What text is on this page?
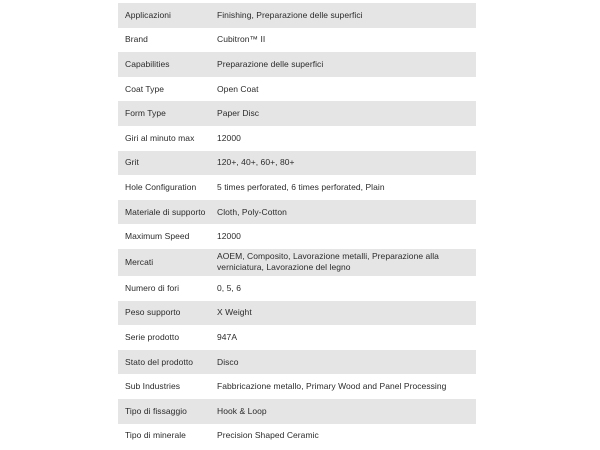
Applicazioni	Finishing, Preparazione delle superfici
Brand	Cubitron™ II
Capabilities	Preparazione delle superfici
Coat Type	Open Coat
Form Type	Paper Disc
Giri al minuto max	12000
Grit	120+, 40+, 60+, 80+
Hole Configuration	5 times perforated, 6 times perforated, Plain
Materiale di supporto	Cloth, Poly-Cotton
Maximum Speed	12000
Mercati	AOEM, Composito, Lavorazione metalli, Preparazione alla verniciatura, Lavorazione del legno
Numero di fori	0, 5, 6
Peso supporto	X Weight
Serie prodotto	947A
Stato del prodotto	Disco
Sub Industries	Fabbricazione metallo, Primary Wood and Panel Processing
Tipo di fissaggio	Hook & Loop
Tipo di minerale	Precision Shaped Ceramic
